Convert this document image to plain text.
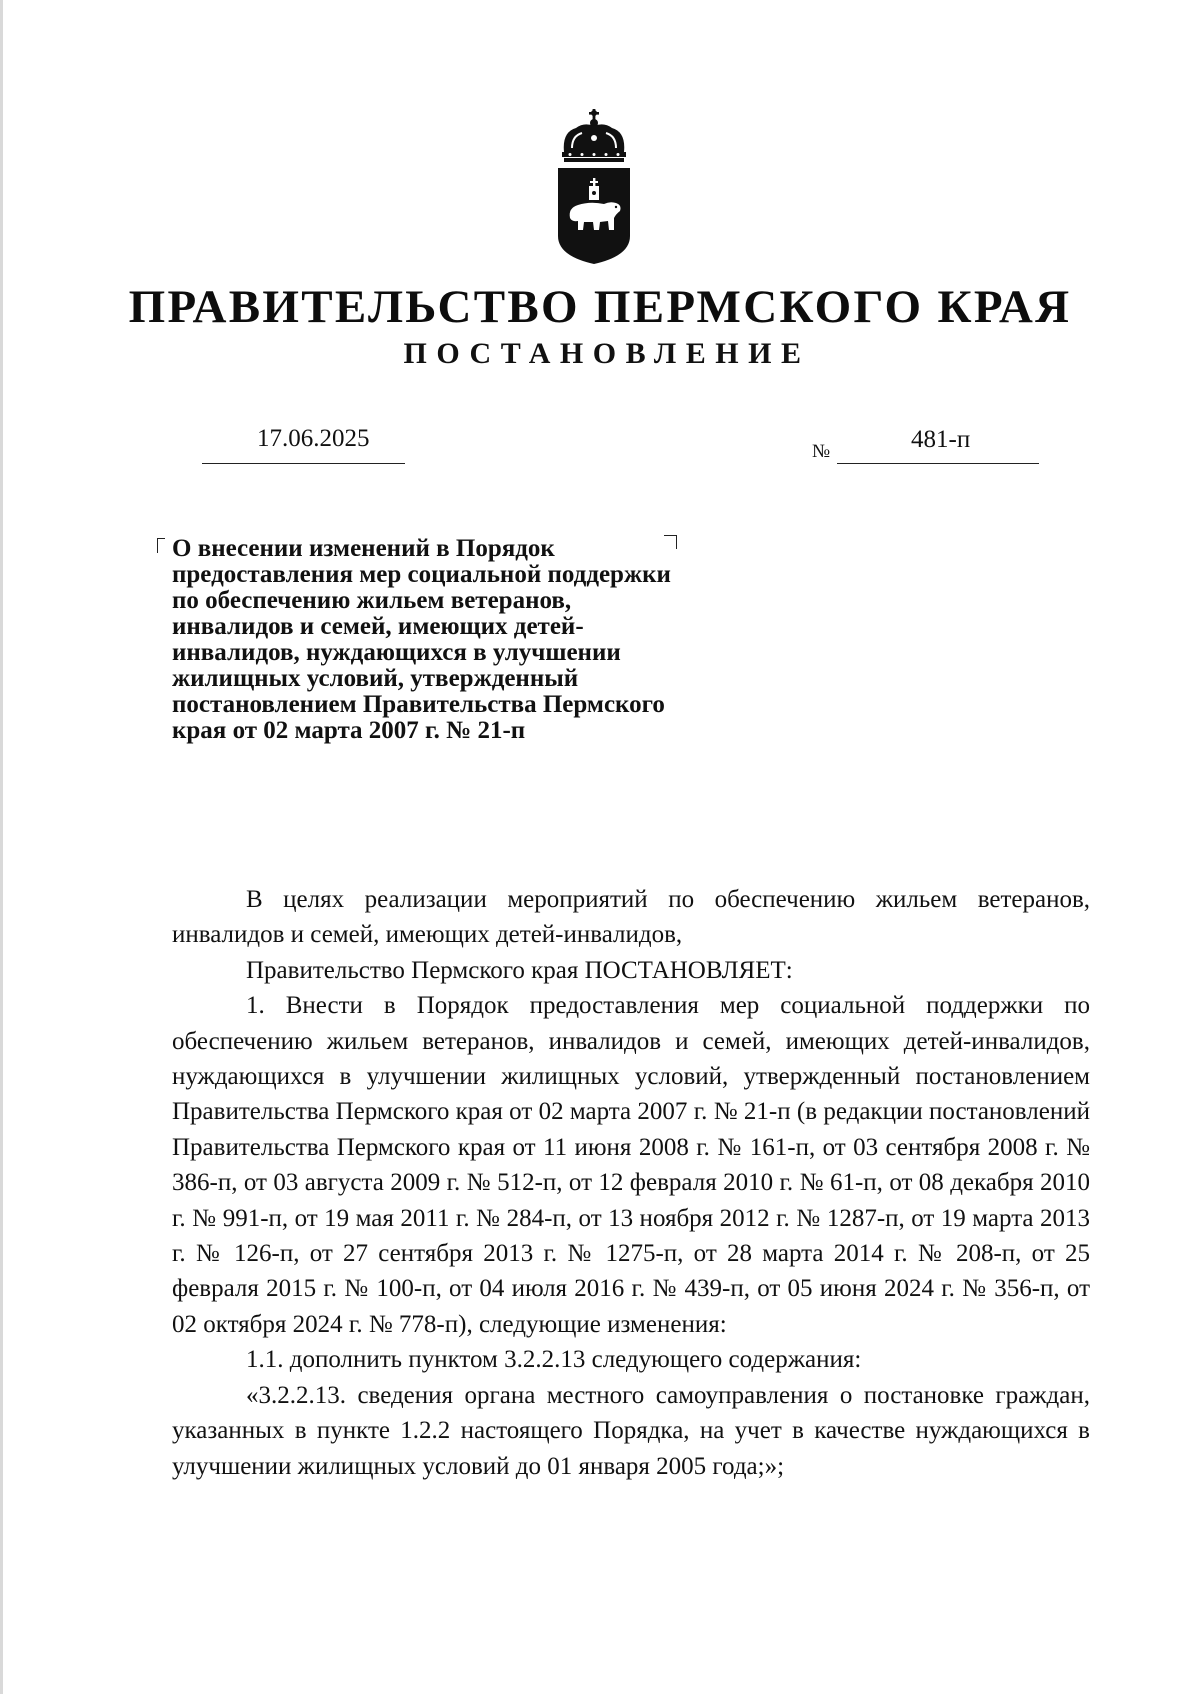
ПРАВИТЕЛЬСТВО ПЕРМСКОГО КРАЯ
ПОСТАНОВЛЕНИЕ
17.06.2025	№	481-п

О внесении изменений в Порядок предоставления мер социальной поддержки по обеспечению жильем ветеранов, инвалидов и семей, имеющих детей-инвалидов, нуждающихся в улучшении жилищных условий, утвержденный постановлением Правительства Пермского края от 02 марта 2007 г. № 21-п

В целях реализации мероприятий по обеспечению жильем ветеранов, инвалидов и семей, имеющих детей-инвалидов,

Правительство Пермского края ПОСТАНОВЛЯЕТ:

1. Внести в Порядок предоставления мер социальной поддержки по обеспечению жильем ветеранов, инвалидов и семей, имеющих детей-инвалидов, нуждающихся в улучшении жилищных условий, утвержденный постановлением Правительства Пермского края от 02 марта 2007 г. № 21-п (в редакции постановлений Правительства Пермского края от 11 июня 2008 г. № 161-п, от 03 сентября 2008 г. № 386-п, от 03 августа 2009 г. № 512-п, от 12 февраля 2010 г. № 61-п, от 08 декабря 2010 г. № 991-п, от 19 мая 2011 г. № 284-п, от 13 ноября 2012 г. № 1287-п, от 19 марта 2013 г. № 126-п, от 27 сентября 2013 г. № 1275-п, от 28 марта 2014 г. № 208-п, от 25 февраля 2015 г. № 100-п, от 04 июля 2016 г. № 439-п, от 05 июня 2024 г. № 356-п, от 02 октября 2024 г. № 778-п), следующие изменения:

1.1. дополнить пунктом 3.2.2.13 следующего содержания:

«3.2.2.13. сведения органа местного самоуправления о постановке граждан, указанных в пункте 1.2.2 настоящего Порядка, на учет в качестве нуждающихся в улучшении жилищных условий до 01 января 2005 года;»;
